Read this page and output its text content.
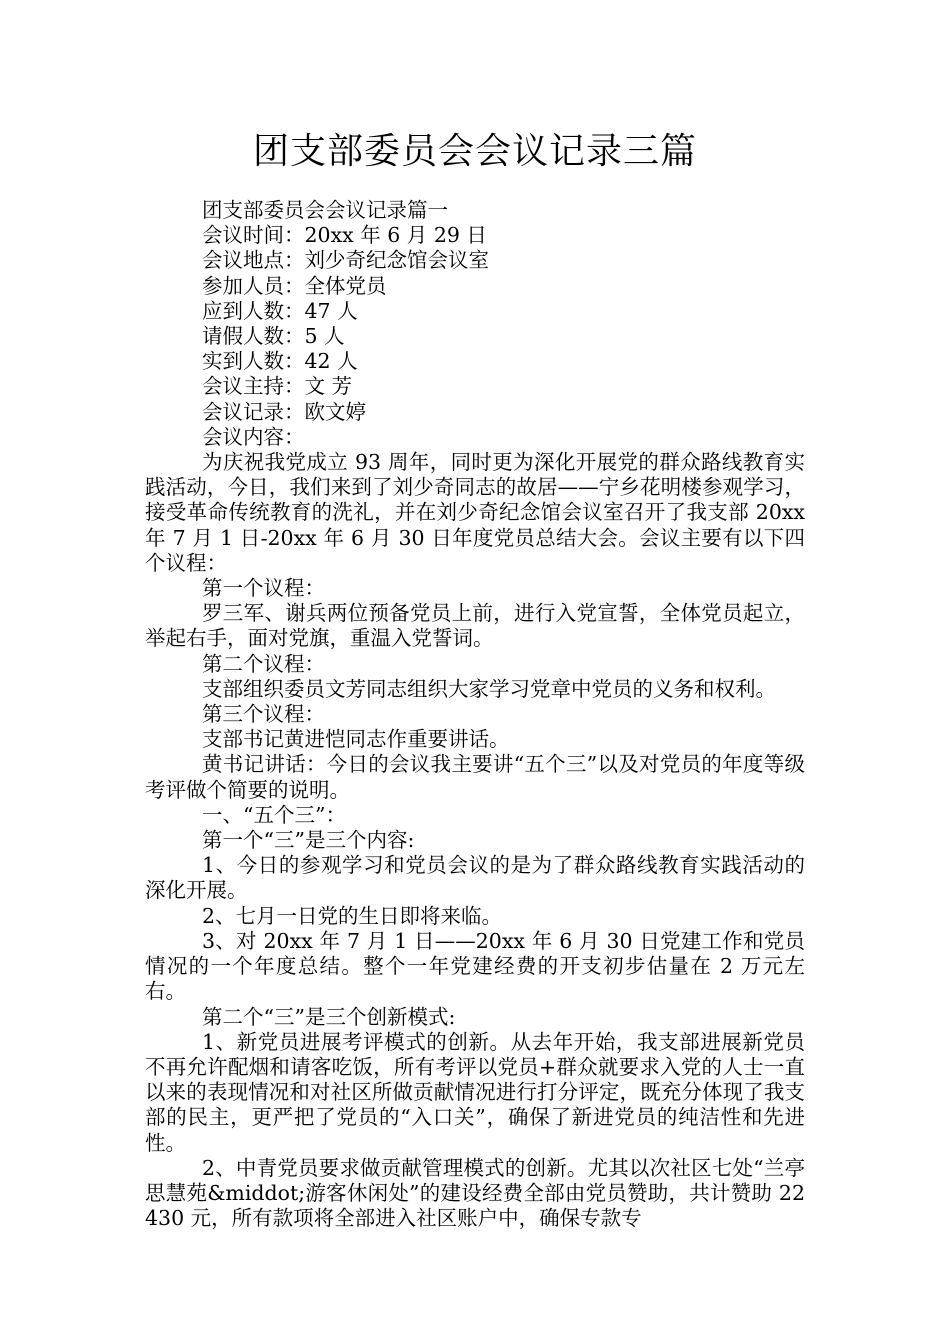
团支部委员会会议记录三篇

团支部委员会会议记录篇一

会议时间：20xx 年 6 月 29 日

会议地点：刘少奇纪念馆会议室

参加人员：全体党员

应到人数：47 人

请假人数：5 人

实到人数：42 人

会议主持：文 芳

会议记录：欧文婷

会议内容：

为庆祝我党成立 93 周年，同时更为深化开展党的群众路线教育实践活动，今日，我们来到了刘少奇同志的故居——宁乡花明楼参观学习，接受革命传统教育的洗礼，并在刘少奇纪念馆会议室召开了我支部 20xx 年 7 月 1 日-20xx 年 6 月 30 日年度党员总结大会。会议主要有以下四个议程：

第一个议程：

罗三军、谢兵两位预备党员上前，进行入党宣誓，全体党员起立，举起右手，面对党旗，重温入党誓词。

第二个议程：

支部组织委员文芳同志组织大家学习党章中党员的义务和权利。

第三个议程：

支部书记黄进恺同志作重要讲话。

黄书记讲话：今日的会议我主要讲“五个三”以及对党员的年度等级考评做个简要的说明。

一、“五个三”：

第一个“三”是三个内容:

1、今日的参观学习和党员会议的是为了群众路线教育实践活动的深化开展。

2、七月一日党的生日即将来临。

3、对 20xx 年 7 月 1 日——20xx 年 6 月 30 日党建工作和党员情况的一个年度总结。整个一年党建经费的开支初步估量在 2 万元左右。

第二个“三”是三个创新模式:

1、新党员进展考评模式的创新。从去年开始，我支部进展新党员不再允许配烟和请客吃饭，所有考评以党员+群众就要求入党的人士一直以来的表现情况和对社区所做贡献情况进行打分评定，既充分体现了我支部的民主，更严把了党员的“入口关”，确保了新进党员的纯洁性和先进性。

2、中青党员要求做贡献管理模式的创新。尤其以次社区七处“兰亭思慧苑&middot;游客休闲处”的建设经费全部由党员赞助，共计赞助 22430 元，所有款项将全部进入社区账户中，确保专款专
